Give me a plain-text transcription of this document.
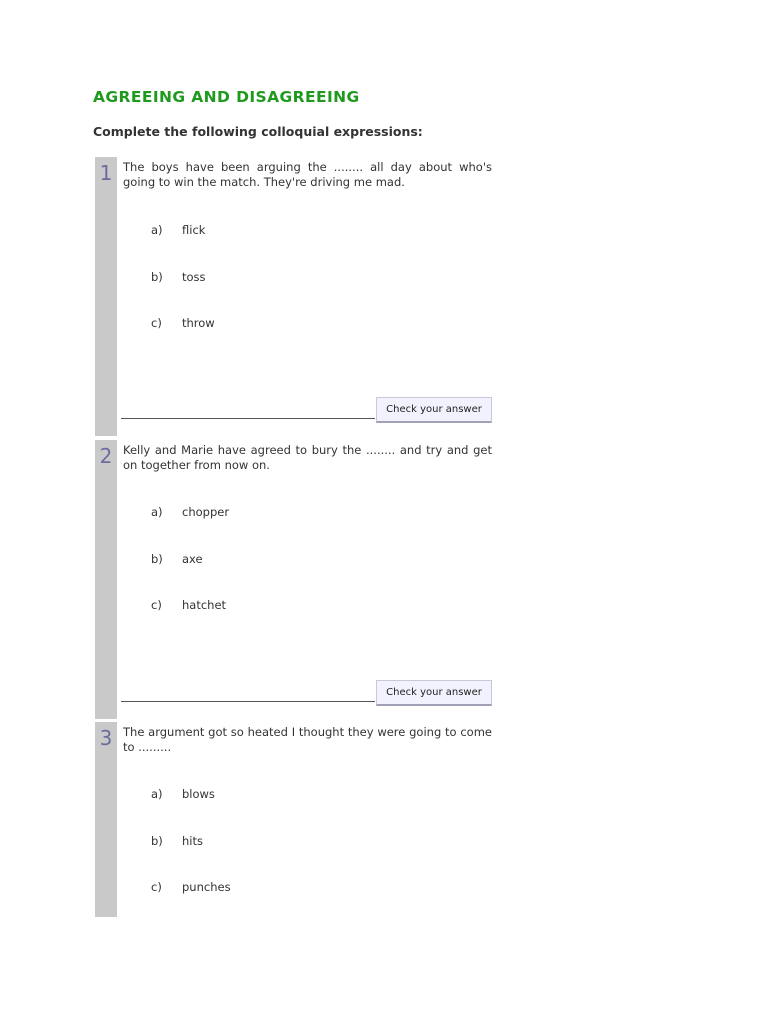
AGREEING AND DISAGREEING

Complete the following colloquial expressions:

1 The boys have been arguing the ........ all day about who's going to win the match. They're driving me mad.

a) flick
b) toss
c) throw
Check your answer
2 Kelly and Marie have agreed to bury the ........ and try and get on together from now on.

a) chopper
b) axe
c) hatchet
Check your answer
3 The argument got so heated I thought they were going to come to .........

a) blows
b) hits
c) punches
